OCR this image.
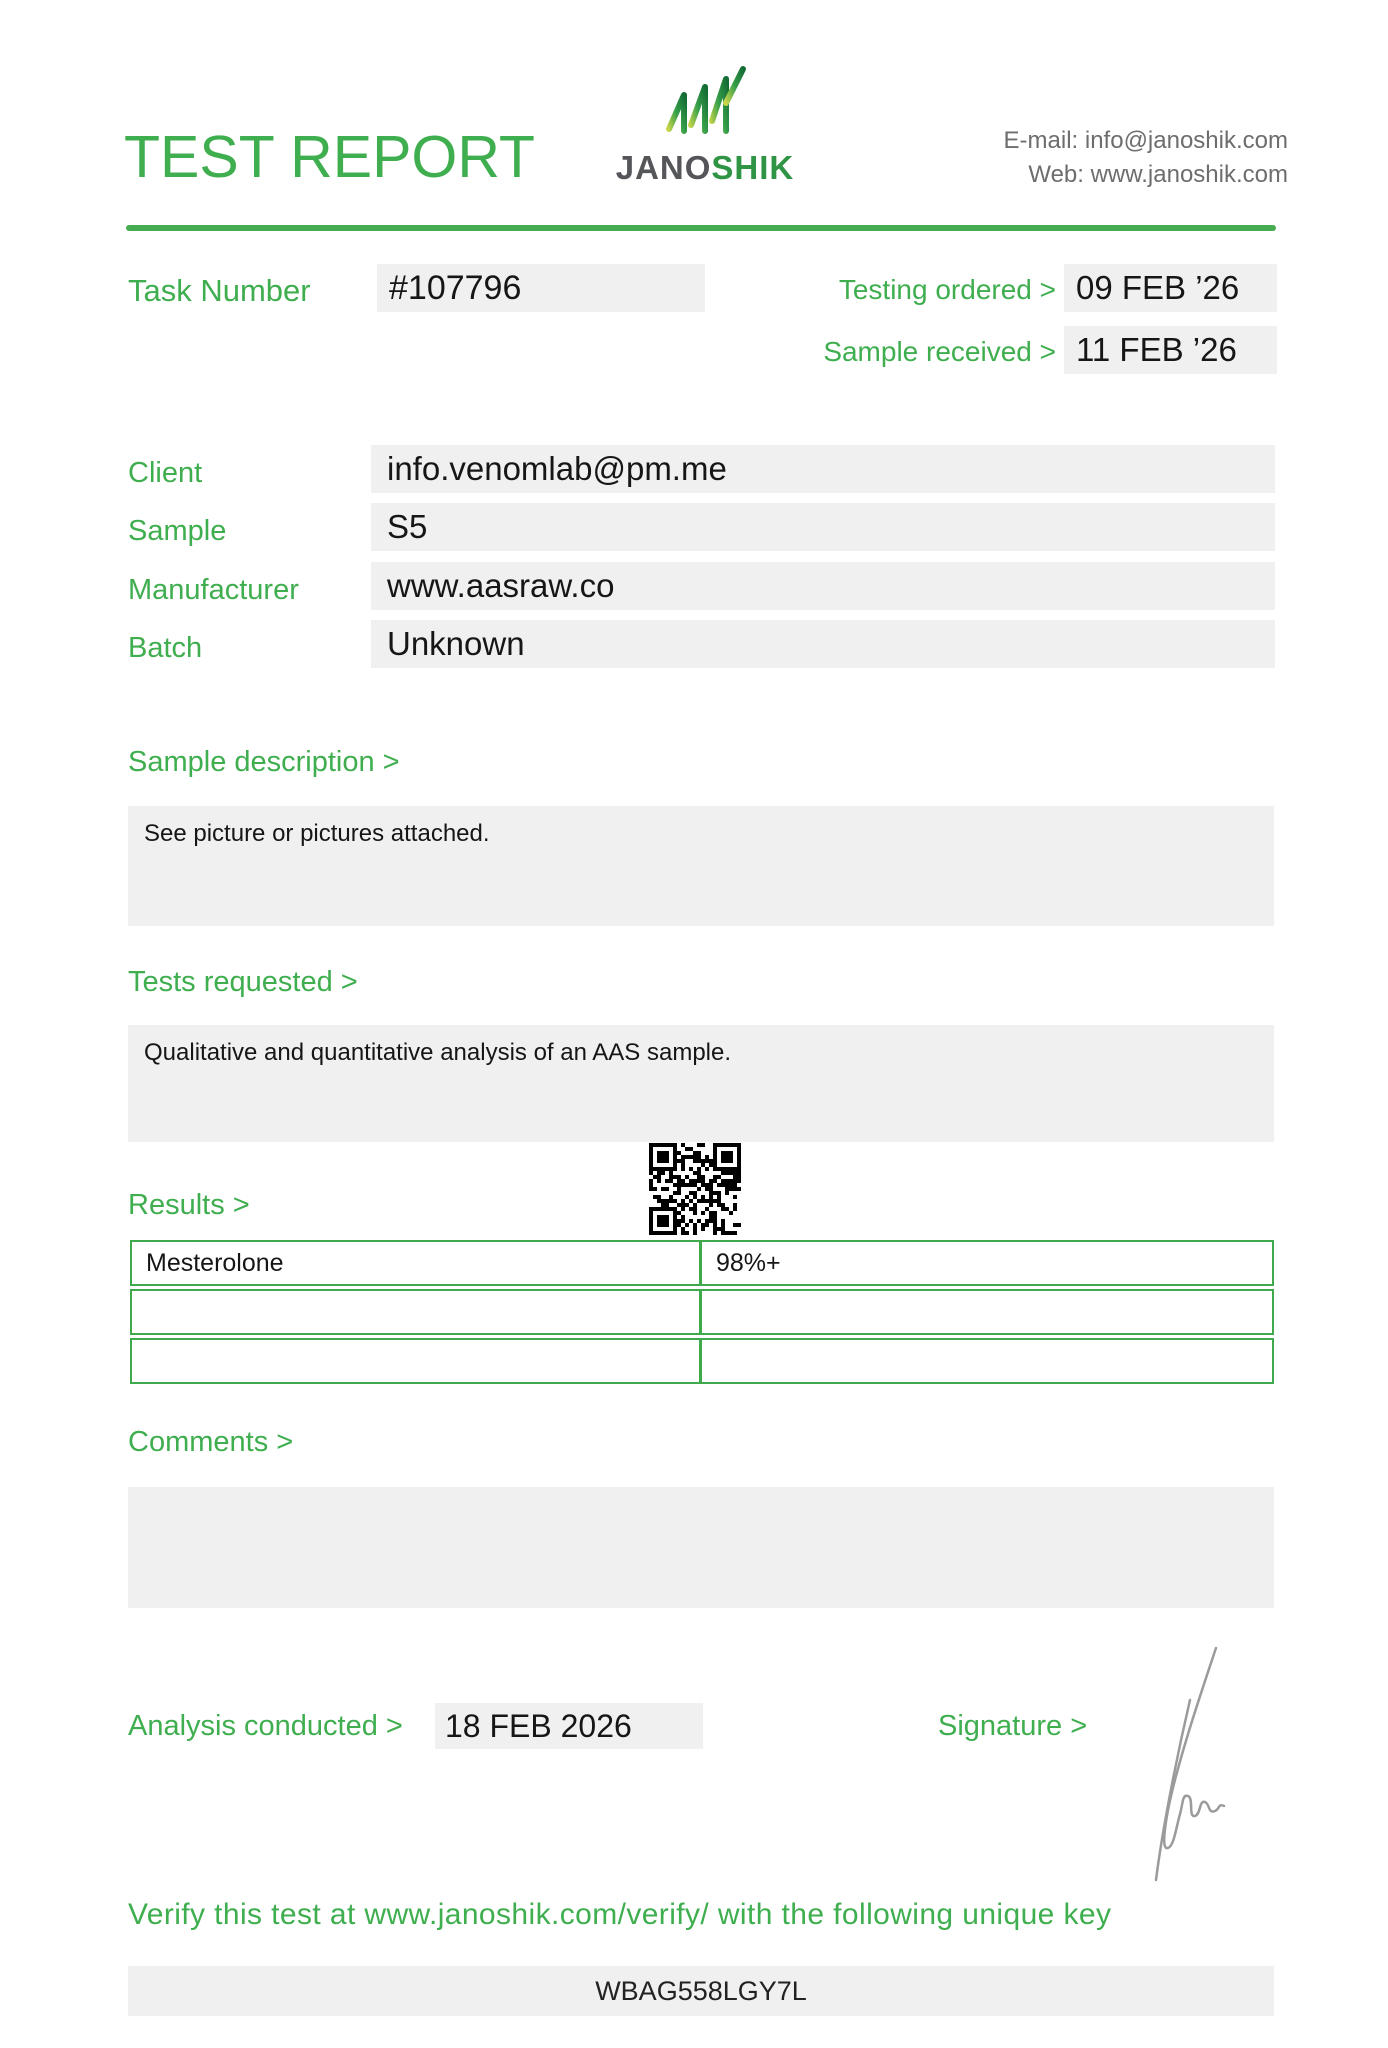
TEST REPORT	JANOSHIK
E-mail: info@janoshik.com
Web: www.janoshik.com
Task Number	#107796	Testing ordered > 09 FEB ’26
Sample received > 11 FEB ’26
Client	info.venomlab@pm.me
Sample	S5
Manufacturer	www.aasraw.co
Batch	Unknown
Sample description >
See picture or pictures attached.
Tests requested >
Qualitative and quantitative analysis of an AAS sample.
Results >
Mesterolone	98%+
Comments >
Analysis conducted >	18 FEB 2026	Signature >
Verify this test at www.janoshik.com/verify/ with the following unique key
WBAG558LGY7L
